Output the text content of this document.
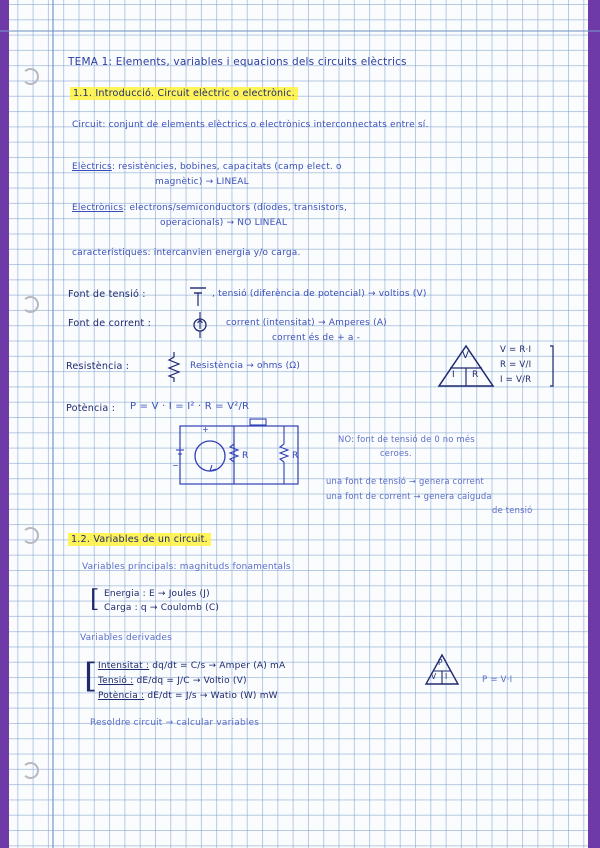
TEMA 1: Elements, variables i equacions dels circuits elèctrics
1.1. Introducció. Circuit elèctric o electrònic.
Circuit: conjunt de elements elèctrics o electrònics interconnectats entre sí.
Elèctrics: resistències, bobines, capacitats (camp elect. o
magnètic) → LINEAL
Electrònics: electrons/semiconductors (díodes, transistors,
operacionals) → NO LINEAL
característiques: intercanvien energia y/o carga.
Font de tensió :	, tensió (diferència de potencial) → voltios (V)
Font de corrent :	corrent (intensitat) → Amperes (A)
corrent és de + a -
Resistència :	Resistència → ohms (Ω)
V
I R
V = R·I
R = V/I
I = V/R
Potència : P = V · I = I² · R = V²/R
R	R
+
−
NO: font de tensió de 0 no més
ceroes.
una font de tensió → genera corrent
una font de corrent → genera caiguda
de tensió
1.2. Variables de un circuit.
Variables principals: magnituds fonamentals
[ Energia : E → Joules (J)
Carga : q → Coulomb (C)
Variables derivades
[ Intensitat : dq/dt = C/s → Amper (A) mA
Tensió : dE/dq = J/C → Voltio (V)
Potència : dE/dt = J/s → Watio (W) mW
P
V I	P = V·I
Resoldre circuit → calcular variables
